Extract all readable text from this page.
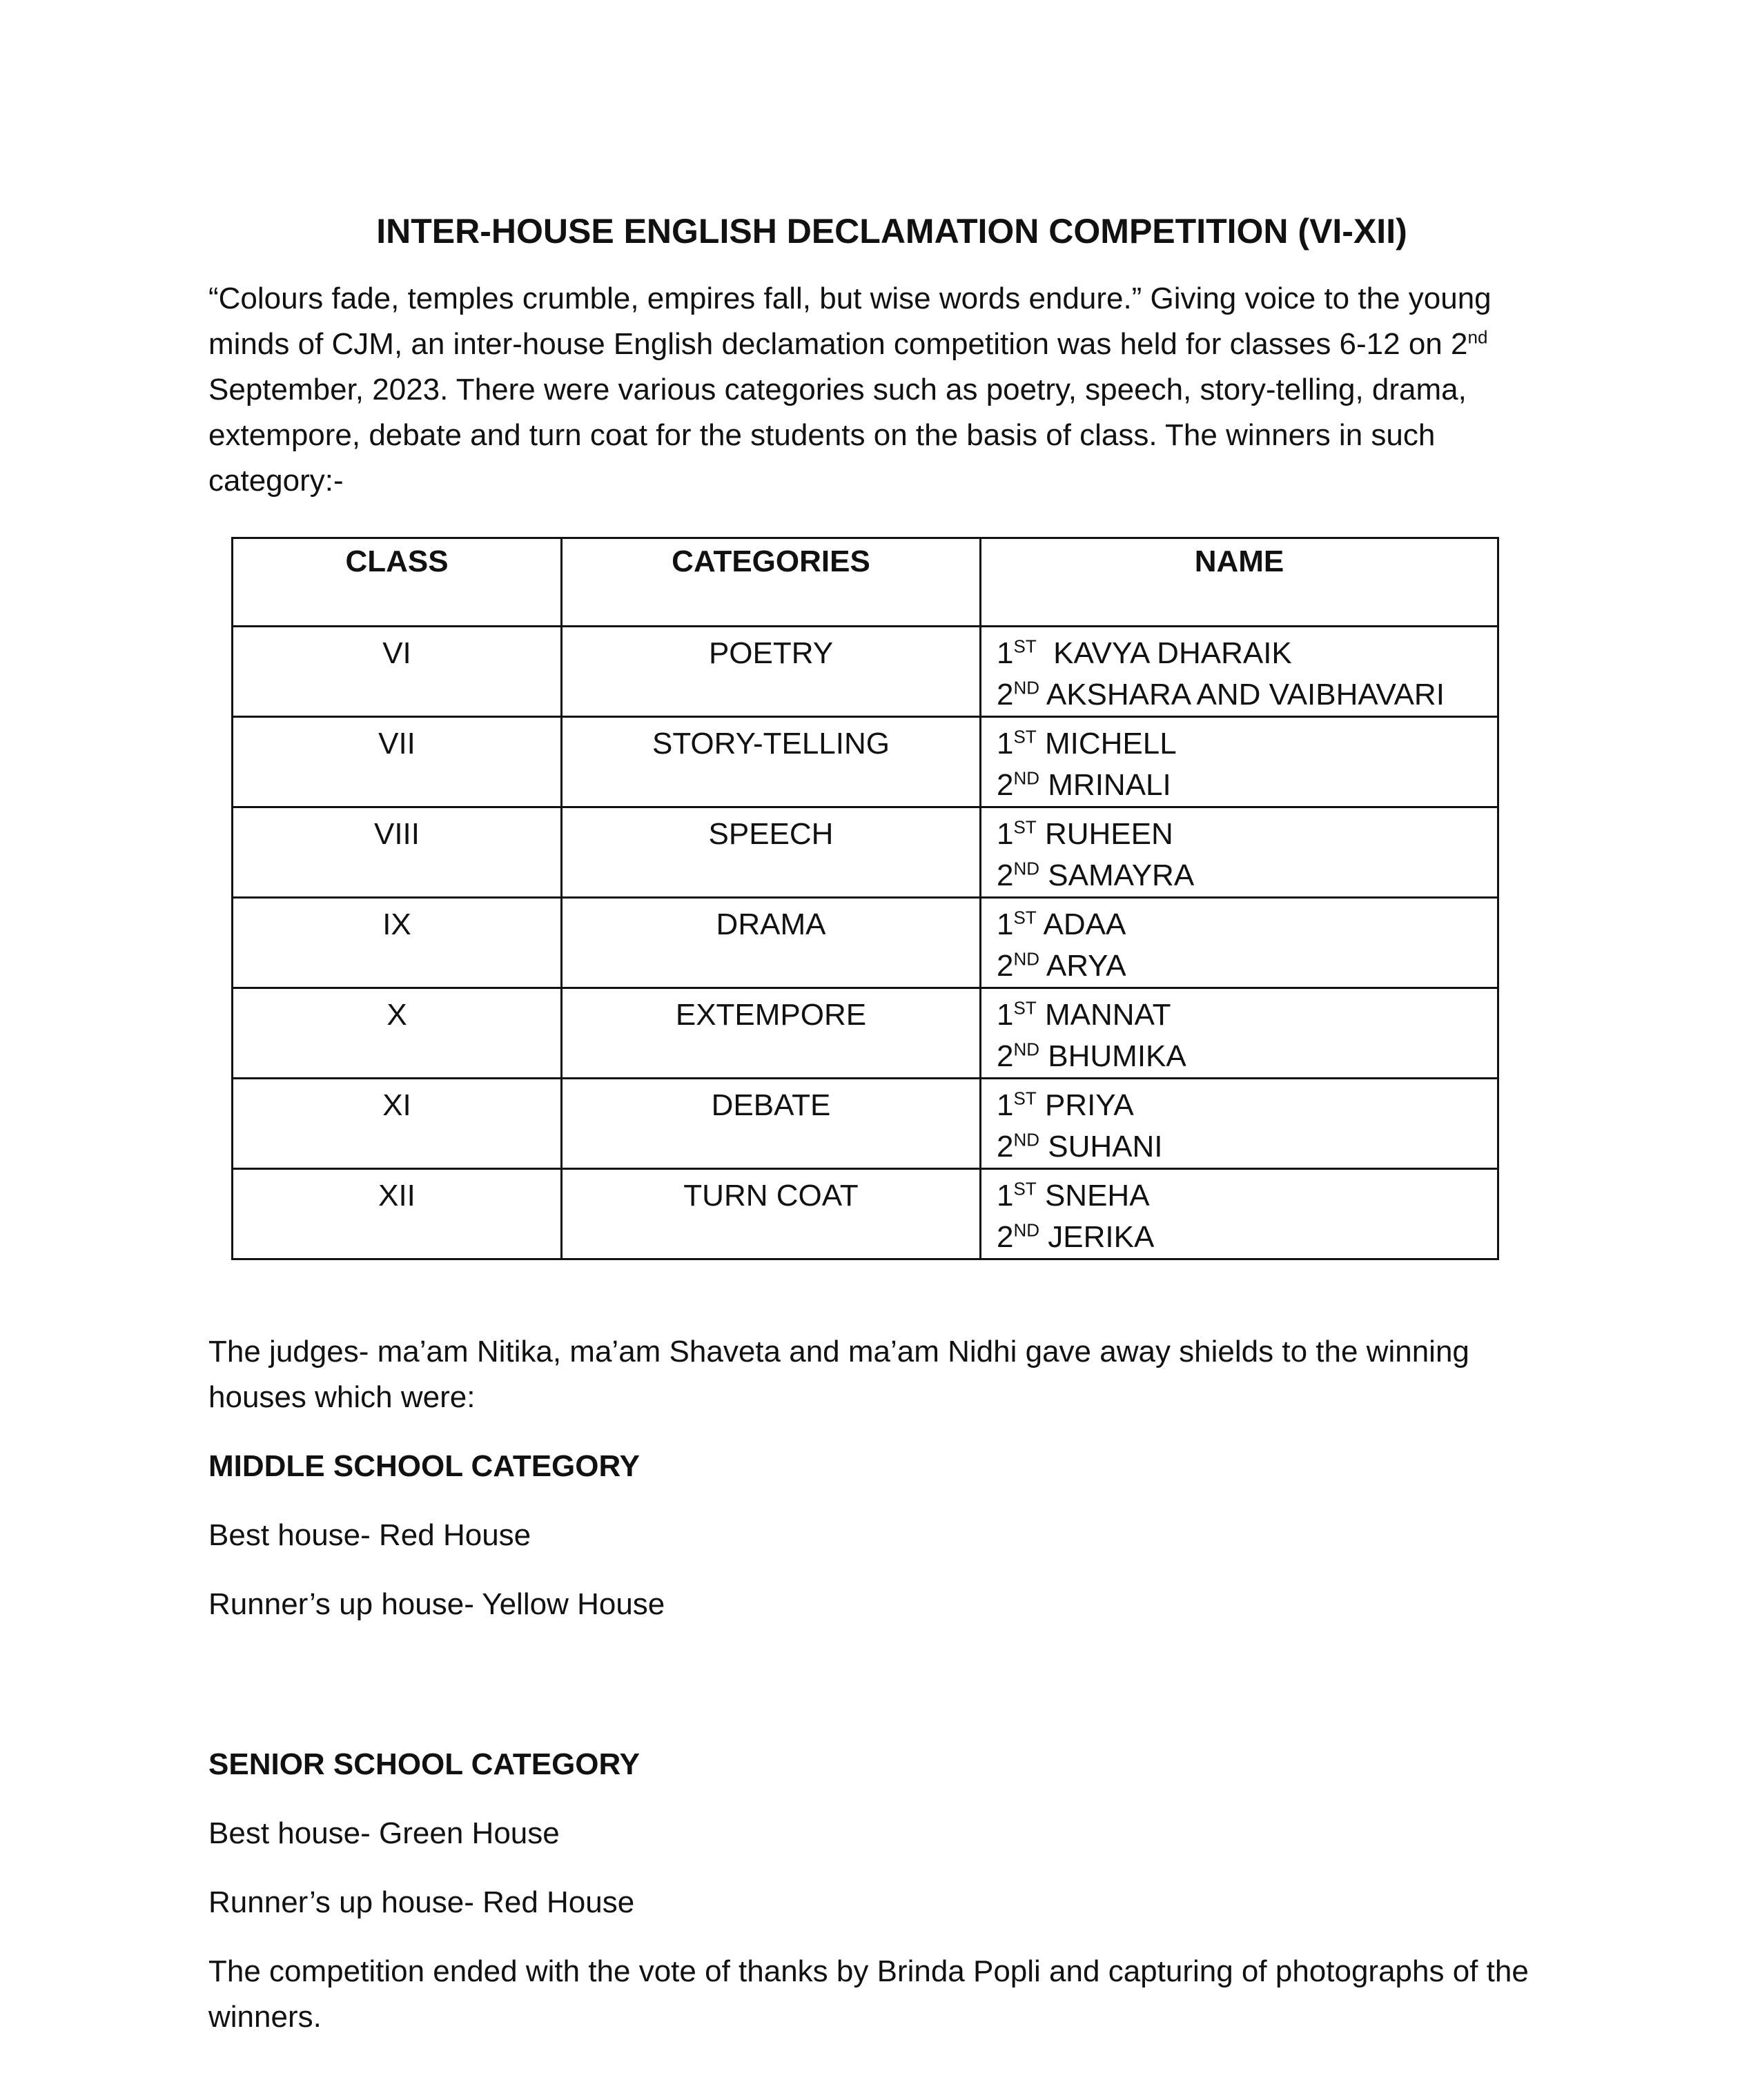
INTER-HOUSE ENGLISH DECLAMATION COMPETITION (VI-XII)

“Colours fade, temples crumble, empires fall, but wise words endure.” Giving voice to the young minds of CJM, an inter-house English declamation competition was held for classes 6-12 on 2nd September, 2023. There were various categories such as poetry, speech, story-telling, drama, extempore, debate and turn coat for the students on the basis of class. The winners in such category:-

CLASS	CATEGORIES	NAME
VI	POETRY	1ST  KAVYA DHARAIK
2ND AKSHARA AND VAIBHAVARI

VII	STORY-TELLING	1ST MICHELL
2ND MRINALI

VIII	SPEECH	1ST RUHEEN
2ND SAMAYRA

IX	DRAMA	1ST ADAA
2ND ARYA

X	EXTEMPORE	1ST MANNAT
2ND BHUMIKA

XI	DEBATE	1ST PRIYA
2ND SUHANI

XII	TURN COAT	1ST SNEHA
2ND JERIKA

The judges- ma’am Nitika, ma’am Shaveta and ma’am Nidhi gave away shields to the winning houses which were:

MIDDLE SCHOOL CATEGORY

Best house- Red House

Runner’s up house- Yellow House

SENIOR SCHOOL CATEGORY

Best house- Green House

Runner’s up house- Red House

The competition ended with the vote of thanks by Brinda Popli and capturing of photographs of the winners.
